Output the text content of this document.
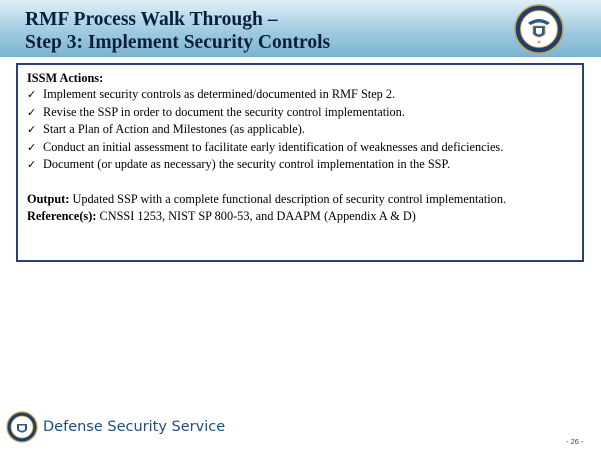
RMF Process Walk Through –
Step 3: Implement Security Controls
ISSM Actions:
✓ Implement security controls as determined/documented in RMF Step 2.
✓ Revise the SSP in order to document the security control implementation.
✓ Start a Plan of Action and Milestones (as applicable).
✓ Conduct an initial assessment to facilitate early identification of weaknesses and deficiencies.
✓ Document (or update as necessary) the security control implementation in the SSP.
Output: Updated SSP with a complete functional description of security control implementation.
Reference(s): CNSSI 1253, NIST SP 800-53, and DAAPM (Appendix A & D)
Defense Security Service
- 26 -
